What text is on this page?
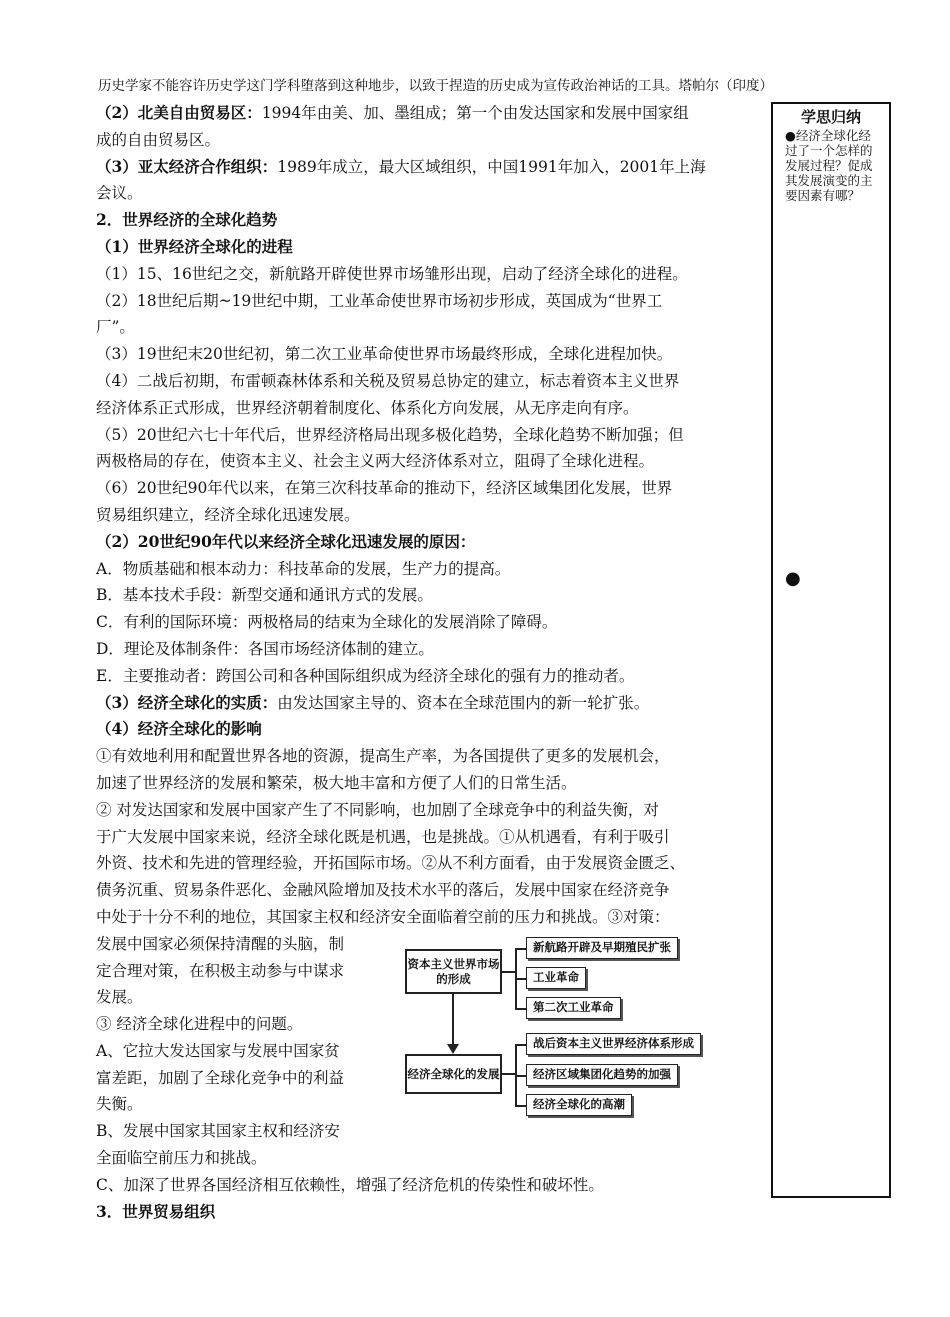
历史学家不能容许历史学这门学科堕落到这种地步，以致于捏造的历史成为宣传政治神话的工具。塔帕尔（印度）

（2）北美自由贸易区：1994年由美、加、墨组成；第一个由发达国家和发展中国家组

成的自由贸易区。

（3）亚太经济合作组织：1989年成立，最大区域组织，中国1991年加入，2001年上海

会议。

2．世界经济的全球化趋势

（1）世界经济全球化的进程

（1）15、16世纪之交，新航路开辟使世界市场雏形出现，启动了经济全球化的进程。

（2）18世纪后期~19世纪中期，工业革命使世界市场初步形成，英国成为“世界工

厂”。

（3）19世纪末20世纪初，第二次工业革命使世界市场最终形成，全球化进程加快。

（4）二战后初期，布雷顿森林体系和关税及贸易总协定的建立，标志着资本主义世界

经济体系正式形成，世界经济朝着制度化、体系化方向发展，从无序走向有序。

（5）20世纪六七十年代后，世界经济格局出现多极化趋势，全球化趋势不断加强；但

两极格局的存在，使资本主义、社会主义两大经济体系对立，阻碍了全球化进程。

（6）20世纪90年代以来，在第三次科技革命的推动下，经济区域集团化发展，世界

贸易组织建立，经济全球化迅速发展。

（2）20世纪90年代以来经济全球化迅速发展的原因：

A．物质基础和根本动力：科技革命的发展，生产力的提高。

B．基本技术手段：新型交通和通讯方式的发展。

C．有利的国际环境：两极格局的结束为全球化的发展消除了障碍。

D．理论及体制条件：各国市场经济体制的建立。

E．主要推动者：跨国公司和各种国际组织成为经济全球化的强有力的推动者。

（3）经济全球化的实质：由发达国家主导的、资本在全球范围内的新一轮扩张。

（4）经济全球化的影响

①有效地利用和配置世界各地的资源，提高生产率，为各国提供了更多的发展机会，

加速了世界经济的发展和繁荣，极大地丰富和方便了人们的日常生活。

② 对发达国家和发展中国家产生了不同影响，也加剧了全球竞争中的利益失衡，对

于广大发展中国家来说，经济全球化既是机遇，也是挑战。①从机遇看，有利于吸引

外资、技术和先进的管理经验，开拓国际市场。②从不利方面看，由于发展资金匮乏、

债务沉重、贸易条件恶化、金融风险增加及技术水平的落后，发展中国家在经济竞争

中处于十分不利的地位，其国家主权和经济安全面临着空前的压力和挑战。③对策：

发展中国家必须保持清醒的头脑，制

定合理对策，在积极主动参与中谋求

发展。

③ 经济全球化进程中的问题。

A、它拉大发达国家与发展中国家贫

富差距，加剧了全球化竞争中的利益

失衡。

B、发展中国家其国家主权和经济安

全面临空前压力和挑战。

C、加深了世界各国经济相互依赖性，增强了经济危机的传染性和破坏性。

3．世界贸易组织

学思归纳
●经济全球化经过了一个怎样的发展过程？促成其发展演变的主要因素有哪？
●
资本主义世界市场的形成
经济全球化的发展
新航路开辟及早期殖民扩张
工业革命
第二次工业革命
战后资本主义世界经济体系形成
经济区域集团化趋势的加强
经济全球化的高潮
